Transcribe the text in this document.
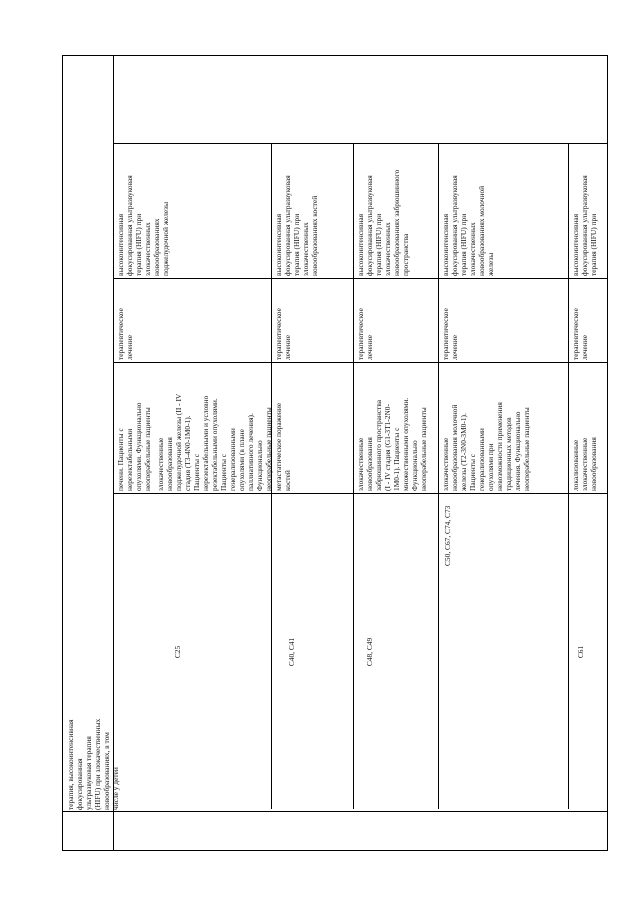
терапия, высокоинтенсивная
фокусированная
ультразвуковая терапия
(HIFU) при злокачественных
новообразованиях, в том
числе у детей
печени. Пациенты с
нерезектабельными
опухолями. Функционально
неоперабельные пациенты
C25
злокачественные
новообразования
поджелудочной железы (II - IV
стадия (T3-4N0-1M0-1).
Пациенты с
нерезектабельными и условно
резектабельными опухолями.
Пациенты с
генерализованными
опухолями (в плане
паллиативного лечения).
Функционально
неоперабельные пациенты
терапевтическое
лечение
высокоинтенсивная
фокусированная ультразвуковая
терапия (HIFU) при
злокачественных
новообразованиях
поджелудочной железы
C40, C41
метастатическое поражение
костей
терапевтическое
лечение
высокоинтенсивная
фокусированная ультразвуковая
терапия (HIFU) при
злокачественных
новообразованиях костей
C48, C49
злокачественные
новообразования
забрюшинного пространства
(I - IV стадия (G1-3T1-2N0-
1M0-1). Пациенты с
множественными опухолями.
Функционально
неоперабельные пациенты
терапевтическое
лечение
высокоинтенсивная
фокусированная ультразвуковая
терапия (HIFU) при
злокачественных
новообразованиях забрюшинного
пространства
C50, C67, C74, C73
злокачественные
новообразования молочной
железы (T2-3N0-3M0-1).
Пациенты с
генерализованными
опухолями при
невозможности применения
традиционных методов
лечения. Функционально
неоперабельные пациенты
терапевтическое
лечение
высокоинтенсивная
фокусированная ультразвуковая
терапия (HIFU) при
злокачественных
новообразованиях молочной
железы
C61
локализованные
злокачественные
новообразования
терапевтическое
лечение
высокоинтенсивная
фокусированная ультразвуковая
терапия (HIFU) при
